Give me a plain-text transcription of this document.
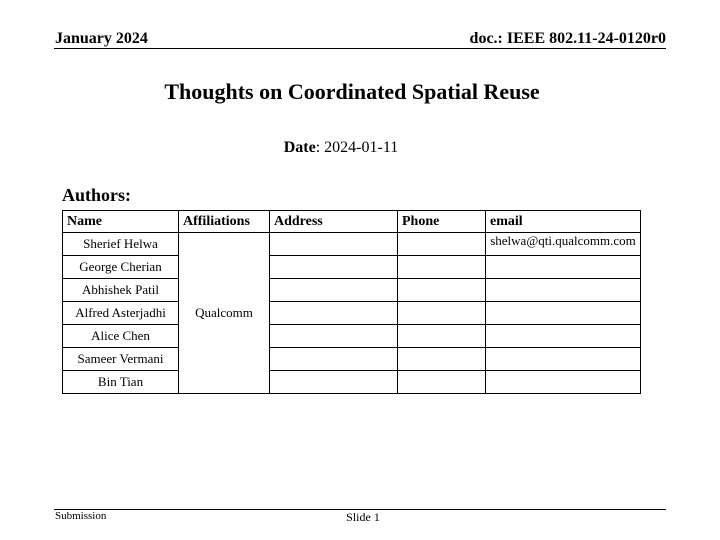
January 2024	doc.: IEEE 802.11-24-0120r0
Thoughts on Coordinated Spatial Reuse
Date: 2024-01-11
Authors:
Name	Affiliations	Address	Phone	email
Sherief Helwa	Qualcomm			shelwa@qti.qualcomm.com
George Cherian				
Abhishek Patil				
Alfred Asterjadhi				
Alice Chen				
Sameer Vermani				
Bin Tian				
Submission	Slide 1
